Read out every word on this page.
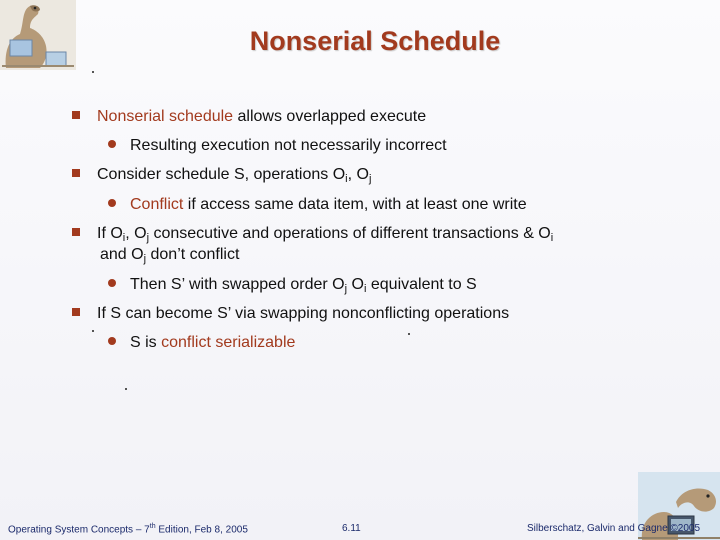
Nonserial Schedule
Nonserial schedule allows overlapped execute
Resulting execution not necessarily incorrect
Consider schedule S, operations $O_i$, $O_j$
Conflict if access same data item, with at least one write
If $O_i$, $O_j$ consecutive and operations of different transactions & $O_i$
and $O_j$ don’t conflict
Then S’ with swapped order $O_j$ $O_i$ equivalent to S
If S can become S’ via swapping nonconflicting operations
S is conflict serializable
Operating System Concepts – 7th Edition, Feb 8, 2005	6.11	Silberschatz, Galvin and Gagne ©2005
